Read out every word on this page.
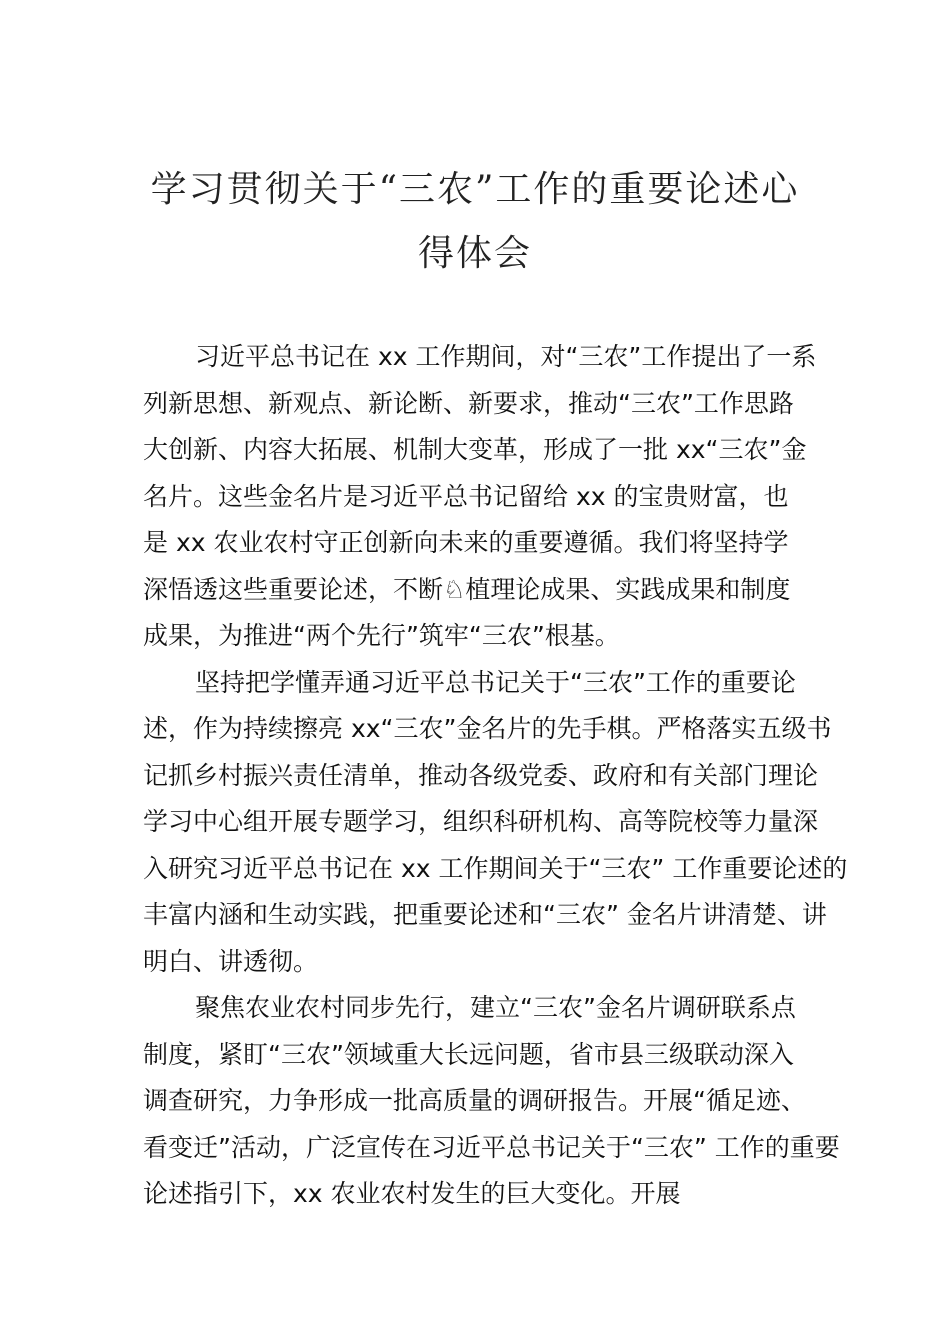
学习贯彻关于“三农”工作的重要论述心
得体会
习近平总书记在 xx 工作期间，对“三农”工作提出了一系
列新思想、新观点、新论断、新要求，推动“三农”工作思路
大创新、内容大拓展、机制大变革，形成了一批 xx“三农”金
名片。这些金名片是习近平总书记留给 xx 的宝贵财富，也
是 xx 农业农村守正创新向未来的重要遵循。我们将坚持学
深悟透这些重要论述，不断♘植理论成果、实践成果和制度
成果，为推进“两个先行”筑牢“三农”根基。
坚持把学懂弄通习近平总书记关于“三农”工作的重要论
述，作为持续擦亮 xx“三农”金名片的先手棋。严格落实五级书
记抓乡村振兴责任清单，推动各级党委、政府和有关部门理论
学习中心组开展专题学习，组织科研机构、高等院校等力量深
入研究习近平总书记在 xx 工作期间关于“三农” 工作重要论述的
丰富内涵和生动实践，把重要论述和“三农” 金名片讲清楚、讲
明白、讲透彻。
聚焦农业农村同步先行，建立“三农”金名片调研联系点
制度，紧盯“三农”领域重大长远问题，省市县三级联动深入
调查研究，力争形成一批高质量的调研报告。开展“循足迹、
看变迁”活动，广泛宣传在习近平总书记关于“三农” 工作的重要
论述指引下，xx 农业农村发生的巨大变化。开展
